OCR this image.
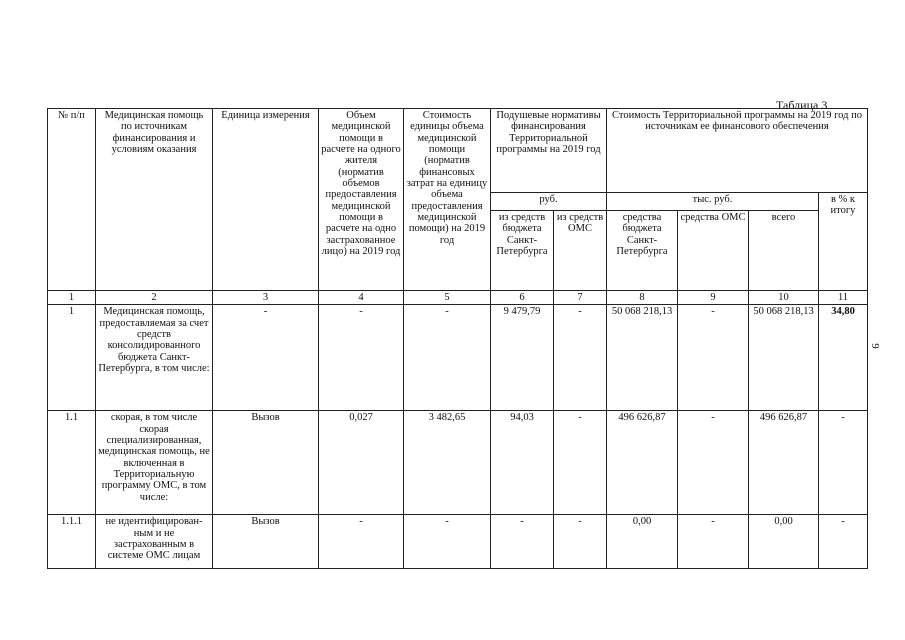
Таблица 3
9
№ п/п	Медицинская помощь по источникам финансирования и условиям оказания	Единица измерения	Объем медицинской помощи в расчете на одного жителя (норматив объемов предоставления медицинской помощи в расчете на одно застрахованное лицо) на 2019 год	Стоимость единицы объема медицинской помощи (норматив финансовых затрат на единицу объема предоставления медицинской помощи) на 2019 год	Подушевые нормативы финансирования Территориальной программы на 2019 год		Стоимость Территориальной программы на 2019 год по источникам ее финансового обеспечения			
					руб.		тыс. руб.			в % к итогу
					из средств бюджета Санкт-Петербурга	из средств ОМС	средства бюджета Санкт-Петербурга	средства ОМС	всего	
1	2	3	4	5	6	7	8	9	10	11
1	Медицинская помощь, предоставляемая за счет средств консолидированного бюджета Санкт-Петербурга, в том числе:	-	-	-	9 479,79	-	50 068 218,13	-	50 068 218,13	34,80
1.1	скорая, в том числе скорая специализированная, медицинская помощь, не включенная в Территориальную программу ОМС, в том числе:	Вызов	0,027	3 482,65	94,03	-	496 626,87	-	496 626,87	-
1.1.1	не идентифицирован-ным и не застрахованным в системе ОМС лицам	Вызов	-	-	-	-	0,00	-	0,00	-
